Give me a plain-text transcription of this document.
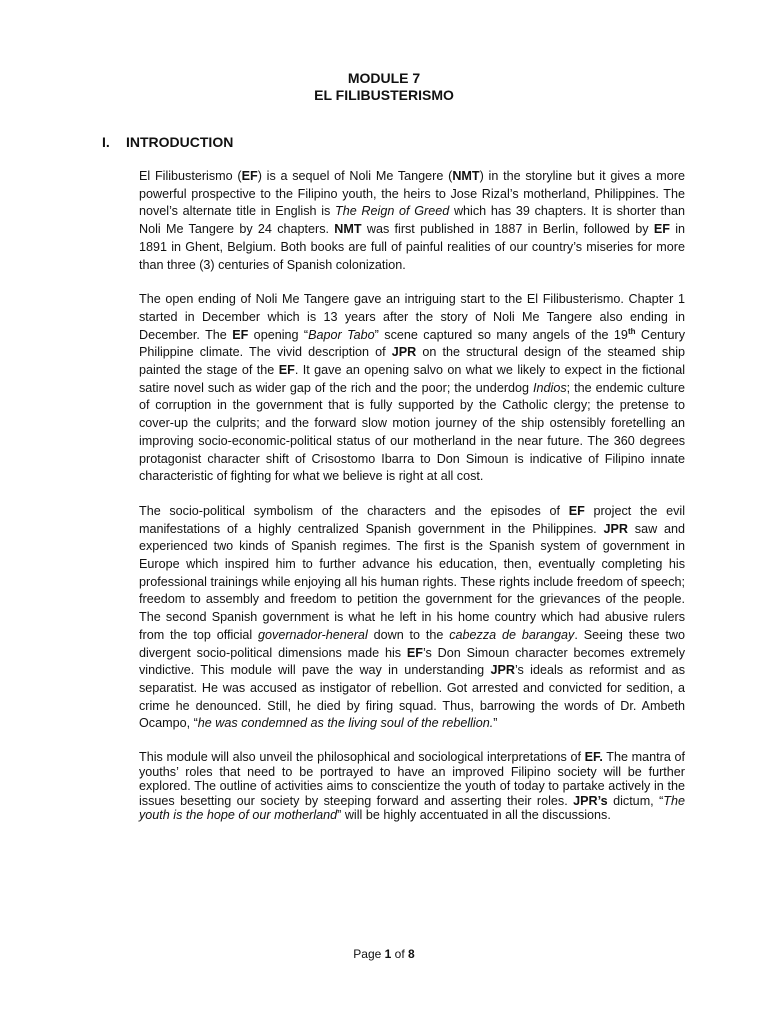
MODULE 7

EL FILIBUSTERISMO

I. INTRODUCTION

El Filibusterismo (EF) is a sequel of Noli Me Tangere (NMT) in the storyline but it gives a more powerful prospective to the Filipino youth, the heirs to Jose Rizal’s motherland, Philippines. The novel’s alternate title in English is The Reign of Greed which has 39 chapters. It is shorter than Noli Me Tangere by 24 chapters. NMT was first published in 1887 in Berlin, followed by EF in 1891 in Ghent, Belgium. Both books are full of painful realities of our country’s miseries for more than three (3) centuries of Spanish colonization.

The open ending of Noli Me Tangere gave an intriguing start to the El Filibusterismo. Chapter 1 started in December which is 13 years after the story of Noli Me Tangere also ending in December. The EF opening “Bapor Tabo” scene captured so many angels of the 19th Century Philippine climate. The vivid description of JPR on the structural design of the steamed ship painted the stage of the EF. It gave an opening salvo on what we likely to expect in the fictional satire novel such as wider gap of the rich and the poor; the underdog Indios; the endemic culture of corruption in the government that is fully supported by the Catholic clergy; the pretense to cover-up the culprits; and the forward slow motion journey of the ship ostensibly foretelling an improving socio-economic-political status of our motherland in the near future. The 360 degrees protagonist character shift of Crisostomo Ibarra to Don Simoun is indicative of Filipino innate characteristic of fighting for what we believe is right at all cost.

The socio-political symbolism of the characters and the episodes of EF project the evil manifestations of a highly centralized Spanish government in the Philippines. JPR saw and experienced two kinds of Spanish regimes. The first is the Spanish system of government in Europe which inspired him to further advance his education, then, eventually completing his professional trainings while enjoying all his human rights. These rights include freedom of speech; freedom to assembly and freedom to petition the government for the grievances of the people. The second Spanish government is what he left in his home country which had abusive rulers from the top official governador-heneral down to the cabezza de barangay. Seeing these two divergent socio-political dimensions made his EF’s Don Simoun character becomes extremely vindictive. This module will pave the way in understanding JPR’s ideals as reformist and as separatist. He was accused as instigator of rebellion. Got arrested and convicted for sedition, a crime he denounced. Still, he died by firing squad. Thus, barrowing the words of Dr. Ambeth Ocampo, “he was condemned as the living soul of the rebellion.”

This module will also unveil the philosophical and sociological interpretations of EF. The mantra of youths’ roles that need to be portrayed to have an improved Filipino society will be further explored. The outline of activities aims to conscientize the youth of today to partake actively in the issues besetting our society by steeping forward and asserting their roles. JPR’s dictum, “The youth is the hope of our motherland” will be highly accentuated in all the discussions.

Page 1 of 8
